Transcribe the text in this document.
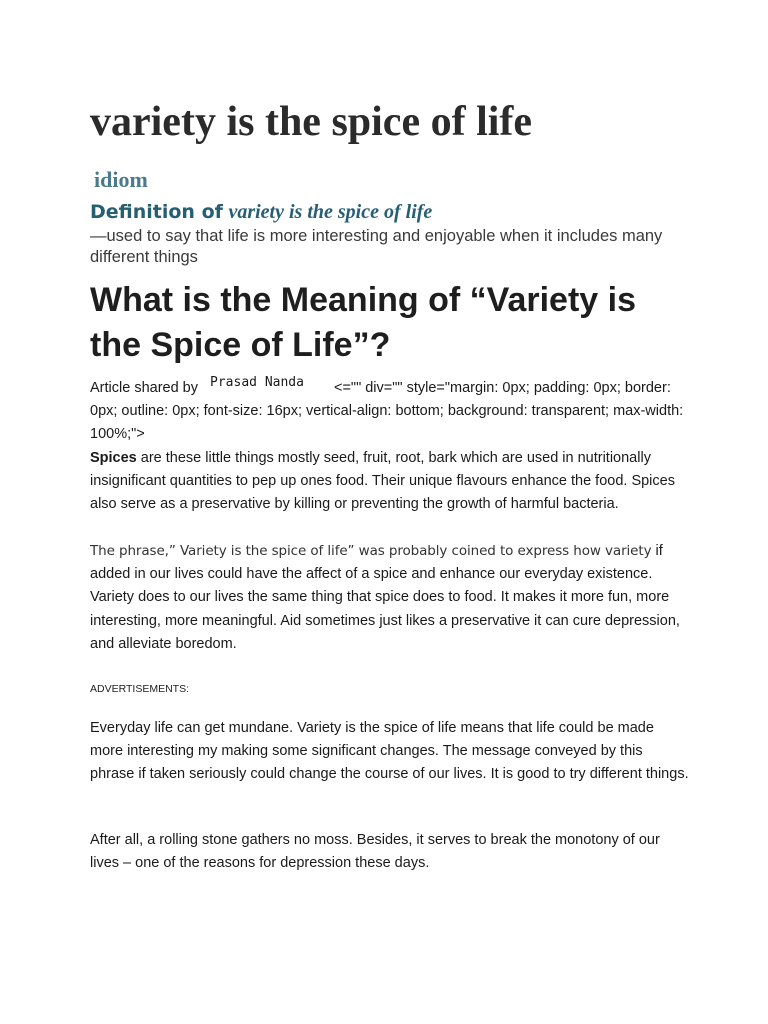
variety is the spice of life
idiom
Definition of variety is the spice of life
—used to say that life is more interesting and enjoyable when it includes many different things
What is the Meaning of “Variety is the Spice of Life”?
Article shared by Prasad Nanda <="" div="" style="margin: 0px; padding: 0px; border: 0px; outline: 0px; font-size: 16px; vertical-align: bottom; background: transparent; max-width: 100%;">
Spices are these little things mostly seed, fruit, root, bark which are used in nutritionally insignificant quantities to pep up ones food. Their unique flavours enhance the food. Spices also serve as a preservative by killing or preventing the growth of harmful bacteria.
The phrase,” Variety is the spice of life” was probably coined to express how variety if added in our lives could have the affect of a spice and enhance our everyday existence. Variety does to our lives the same thing that spice does to food. It makes it more fun, more interesting, more meaningful. Aid sometimes just likes a preservative it can cure depression, and alleviate boredom.
ADVERTISEMENTS:
Everyday life can get mundane. Variety is the spice of life means that life could be made more interesting my making some significant changes. The message conveyed by this phrase if taken seriously could change the course of our lives. It is good to try different things.
After all, a rolling stone gathers no moss. Besides, it serves to break the monotony of our lives – one of the reasons for depression these days.
